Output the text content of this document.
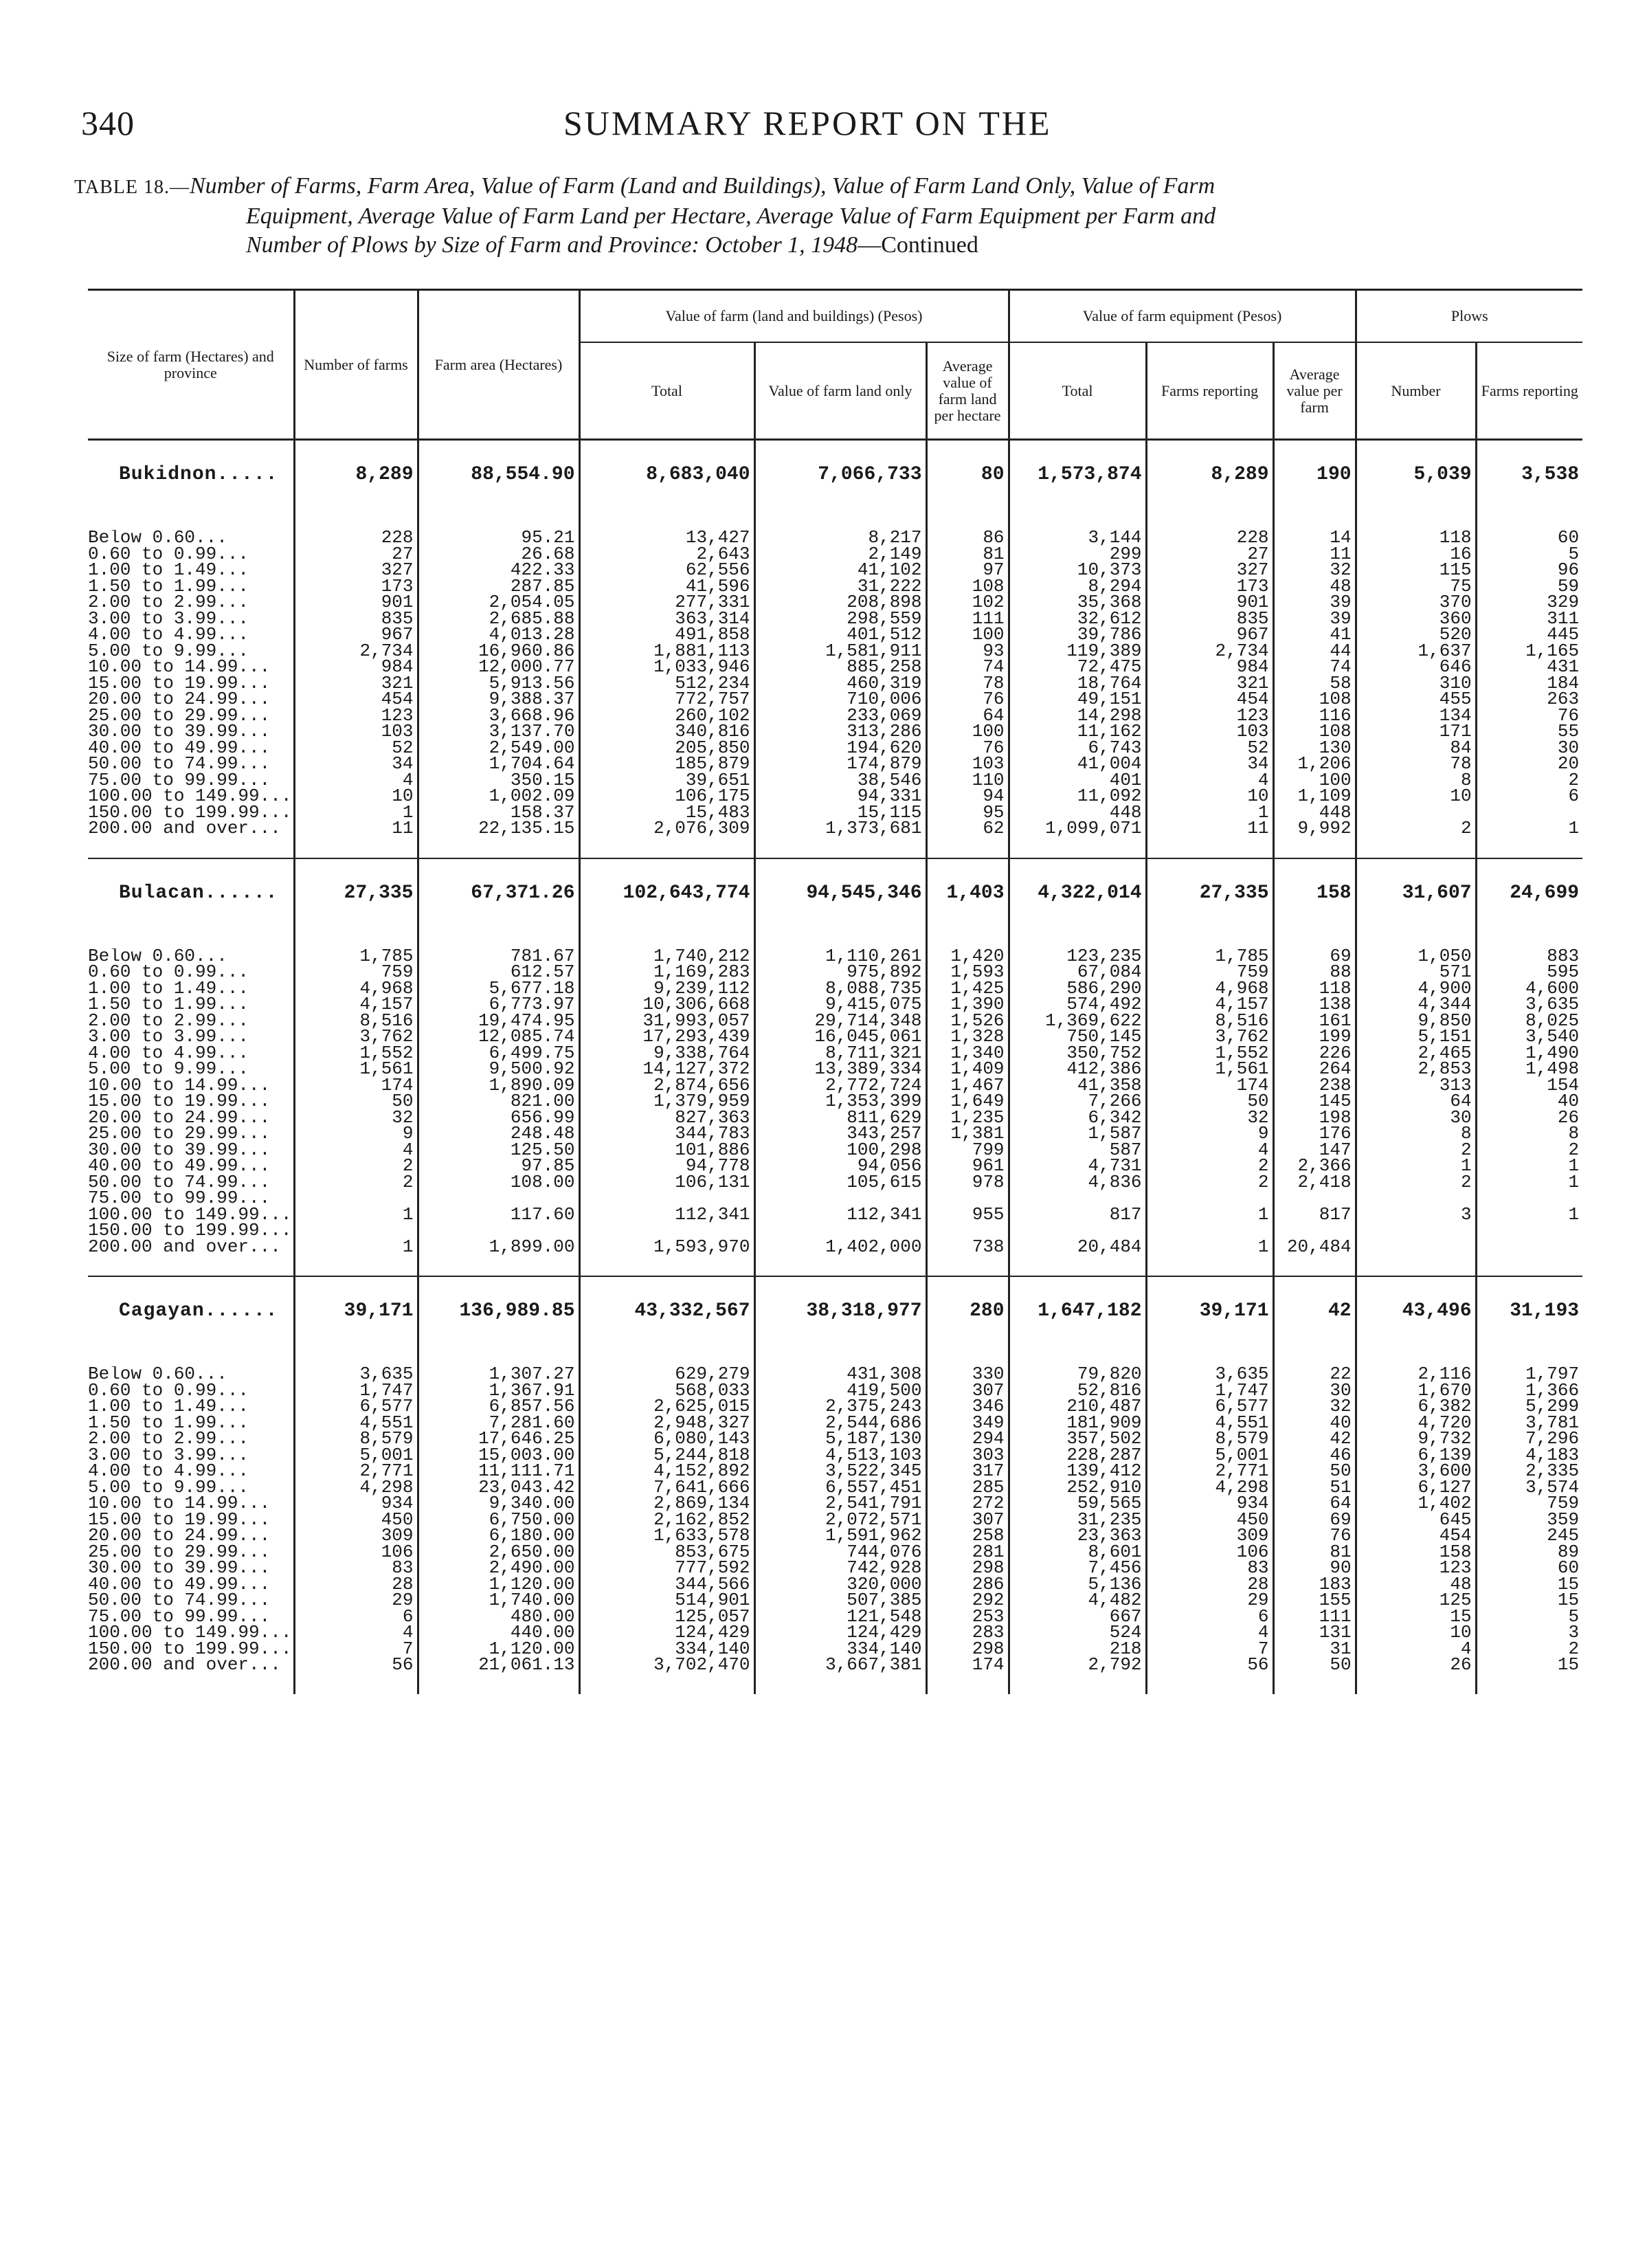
340	SUMMARY REPORT ON THE
TABLE 18.—Number of Farms, Farm Area, Value of Farm (Land and Buildings), Value of Farm Land Only, Value of Farm
Equipment, Average Value of Farm Land per Hectare, Average Value of Farm Equipment per Farm and
Number of Plows by Size of Farm and Province: October 1, 1948—Continued
Size of farm (Hectares) and province	Number of farms	Farm area (Hectares)	Value of farm (land and buildings) (Pesos)			Value of farm equipment (Pesos)			Plows	
			Total	Value of farm land only	Average value of farm land per hectare	Total	Farms reporting	Average value per farm	Number	Farms reporting
Bukidnon.....	8,289	88,554.90	8,683,040	7,066,733	80	1,573,874	8,289	190	5,039	3,538

Below 0.60...	228	95.21	13,427	8,217	86	3,144	228	14	118	60
0.60 to 0.99...	27	26.68	2,643	2,149	81	299	27	11	16	5
1.00 to 1.49...	327	422.33	62,556	41,102	97	10,373	327	32	115	96
1.50 to 1.99...	173	287.85	41,596	31,222	108	8,294	173	48	75	59
2.00 to 2.99...	901	2,054.05	277,331	208,898	102	35,368	901	39	370	329
3.00 to 3.99...	835	2,685.88	363,314	298,559	111	32,612	835	39	360	311
4.00 to 4.99...	967	4,013.28	491,858	401,512	100	39,786	967	41	520	445
5.00 to 9.99...	2,734	16,960.86	1,881,113	1,581,911	93	119,389	2,734	44	1,637	1,165
10.00 to 14.99...	984	12,000.77	1,033,946	885,258	74	72,475	984	74	646	431
15.00 to 19.99...	321	5,913.56	512,234	460,319	78	18,764	321	58	310	184
20.00 to 24.99...	454	9,388.37	772,757	710,006	76	49,151	454	108	455	263
25.00 to 29.99...	123	3,668.96	260,102	233,069	64	14,298	123	116	134	76
30.00 to 39.99...	103	3,137.70	340,816	313,286	100	11,162	103	108	171	55
40.00 to 49.99...	52	2,549.00	205,850	194,620	76	6,743	52	130	84	30
50.00 to 74.99...	34	1,704.64	185,879	174,879	103	41,004	34	1,206	78	20
75.00 to 99.99...	4	350.15	39,651	38,546	110	401	4	100	8	2
100.00 to 149.99...	10	1,002.09	106,175	94,331	94	11,092	10	1,109	10	6
150.00 to 199.99...	1	158.37	15,483	15,115	95	448	1	448		
200.00 and over...	11	22,135.15	2,076,309	1,373,681	62	1,099,071	11	9,992	2	1

Bulacan......	27,335	67,371.26	102,643,774	94,545,346	1,403	4,322,014	27,335	158	31,607	24,699

Below 0.60...	1,785	781.67	1,740,212	1,110,261	1,420	123,235	1,785	69	1,050	883
0.60 to 0.99...	759	612.57	1,169,283	975,892	1,593	67,084	759	88	571	595
1.00 to 1.49...	4,968	5,677.18	9,239,112	8,088,735	1,425	586,290	4,968	118	4,900	4,600
1.50 to 1.99...	4,157	6,773.97	10,306,668	9,415,075	1,390	574,492	4,157	138	4,344	3,635
2.00 to 2.99...	8,516	19,474.95	31,993,057	29,714,348	1,526	1,369,622	8,516	161	9,850	8,025
3.00 to 3.99...	3,762	12,085.74	17,293,439	16,045,061	1,328	750,145	3,762	199	5,151	3,540
4.00 to 4.99...	1,552	6,499.75	9,338,764	8,711,321	1,340	350,752	1,552	226	2,465	1,490
5.00 to 9.99...	1,561	9,500.92	14,127,372	13,389,334	1,409	412,386	1,561	264	2,853	1,498
10.00 to 14.99...	174	1,890.09	2,874,656	2,772,724	1,467	41,358	174	238	313	154
15.00 to 19.99...	50	821.00	1,379,959	1,353,399	1,649	7,266	50	145	64	40
20.00 to 24.99...	32	656.99	827,363	811,629	1,235	6,342	32	198	30	26
25.00 to 29.99...	9	248.48	344,783	343,257	1,381	1,587	9	176	8	8
30.00 to 39.99...	4	125.50	101,886	100,298	799	587	4	147	2	2
40.00 to 49.99...	2	97.85	94,778	94,056	961	4,731	2	2,366	1	1
50.00 to 74.99...	2	108.00	106,131	105,615	978	4,836	2	2,418	2	1
75.00 to 99.99...										
100.00 to 149.99...	1	117.60	112,341	112,341	955	817	1	817	3	1
150.00 to 199.99...										
200.00 and over...	1	1,899.00	1,593,970	1,402,000	738	20,484	1	20,484		

Cagayan......	39,171	136,989.85	43,332,567	38,318,977	280	1,647,182	39,171	42	43,496	31,193

Below 0.60...	3,635	1,307.27	629,279	431,308	330	79,820	3,635	22	2,116	1,797
0.60 to 0.99...	1,747	1,367.91	568,033	419,500	307	52,816	1,747	30	1,670	1,366
1.00 to 1.49...	6,577	6,857.56	2,625,015	2,375,243	346	210,487	6,577	32	6,382	5,299
1.50 to 1.99...	4,551	7,281.60	2,948,327	2,544,686	349	181,909	4,551	40	4,720	3,781
2.00 to 2.99...	8,579	17,646.25	6,080,143	5,187,130	294	357,502	8,579	42	9,732	7,296
3.00 to 3.99...	5,001	15,003.00	5,244,818	4,513,103	303	228,287	5,001	46	6,139	4,183
4.00 to 4.99...	2,771	11,111.71	4,152,892	3,522,345	317	139,412	2,771	50	3,600	2,335
5.00 to 9.99...	4,298	23,043.42	7,641,666	6,557,451	285	252,910	4,298	51	6,127	3,574
10.00 to 14.99...	934	9,340.00	2,869,134	2,541,791	272	59,565	934	64	1,402	759
15.00 to 19.99...	450	6,750.00	2,162,852	2,072,571	307	31,235	450	69	645	359
20.00 to 24.99...	309	6,180.00	1,633,578	1,591,962	258	23,363	309	76	454	245
25.00 to 29.99...	106	2,650.00	853,675	744,076	281	8,601	106	81	158	89
30.00 to 39.99...	83	2,490.00	777,592	742,928	298	7,456	83	90	123	60
40.00 to 49.99...	28	1,120.00	344,566	320,000	286	5,136	28	183	48	15
50.00 to 74.99...	29	1,740.00	514,901	507,385	292	4,482	29	155	125	15
75.00 to 99.99...	6	480.00	125,057	121,548	253	667	6	111	15	5
100.00 to 149.99...	4	440.00	124,429	124,429	283	524	4	131	10	3
150.00 to 199.99...	7	1,120.00	334,140	334,140	298	218	7	31	4	2
200.00 and over...	56	21,061.13	3,702,470	3,667,381	174	2,792	56	50	26	15
